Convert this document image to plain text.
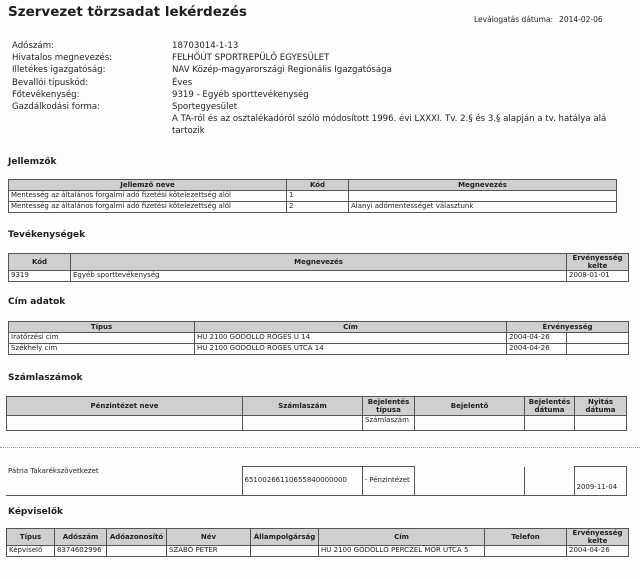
Szervezet törzsadat lekérdezés	Leválogatás dátuma: 2014-02-06
Adószám:	18703014-1-13
Hivatalos megnevezés:	FELHŐÚT SPORTREPÜLŐ EGYESÜLET
Illetékes igazgatóság:	NAV Közép-magyarországi Regionális Igazgatósága
Bevallói típuskód:	Éves
Főtevékenység:	9319 - Egyéb sporttevékenység
Gazdálkodási forma:	Sportegyesület
A TA-ról és az osztalékadóról szóló módosított 1996. évi LXXXI. Tv. 2.§ és 3.§ alapján a tv. hatálya alá tartozik
Jellemzők
Jellemző neve	Kód	Megnevezés
Mentesség az általános forgalmi adó fizetési kötelezettség alól	1	
Mentesség az általános forgalmi adó fizetési kötelezettség alól	2	Alanyi adómentességet választunk
Tevékenységek
Kód	Megnevezés	Érvényesség kelte
9319	Egyéb sporttevékenység	2008-01-01
Cím adatok
Típus	Cím	Érvényesség	
Iratőrzési cím	HU 2100 GÖDÖLLŐ RÖGES U 14	2004-04-26	
Székhely cím	HU 2100 GÖDÖLLŐ RÖGES UTCA 14	2004-04-26	
Számlaszámok
Pénzintézet neve	Számlaszám	Bejelentés típusa	Bejelentő	Bejelentés dátuma	Nyitás dátuma
		Számlaszám			
Pátria Takarékszövetkezet	65100266110655840000000	- Pénzintézet			2009-11-04
Képviselők
Típus	Adószám	Adóazonosító	Név	Állampolgárság	Cím	Telefon	Érvényesség kelte
Képviselő	8374602996		SZABÓ PÉTER		HU 2100 GÖDÖLLŐ PERCZEL MÓR UTCA 5		2004-04-26
